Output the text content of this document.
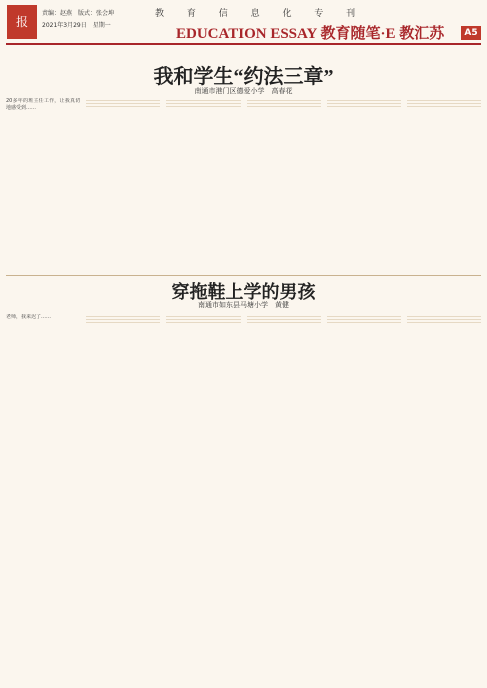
报
责编：赵燕　版式：张会坤
2021年3月29日　星期一
教 育 信 息 化 专 刊
EDUCATION ESSAY 教育随笔·E 教汇苏	A5
我和学生“约法三章”
南通市港门区德爱小学　高春花
20多年的班主任工作，让我真切地感受到……
穿拖鞋上学的男孩
南通市如东县马塘小学　黄健
老师，我来迟了……
